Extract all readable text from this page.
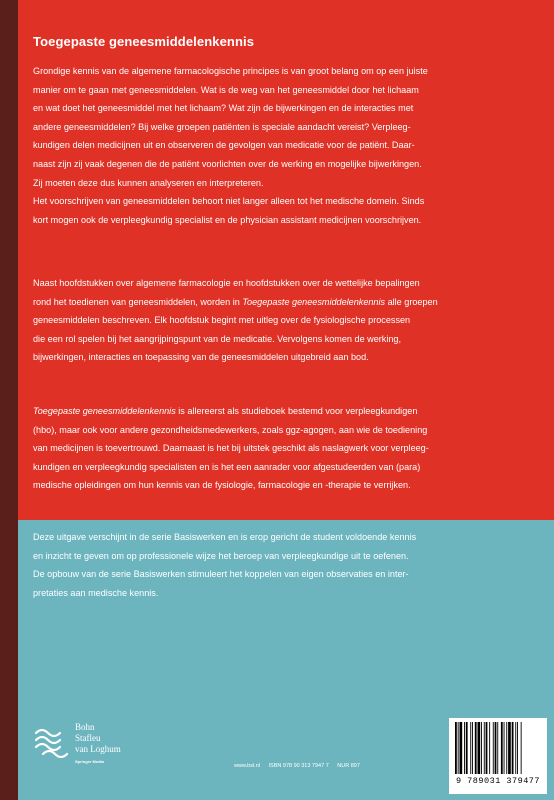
Toegepaste geneesmiddelenkennis

Grondige kennis van de algemene farmacologische principes is van groot belang om op een juiste

manier om te gaan met geneesmiddelen. Wat is de weg van het geneesmiddel door het lichaam

en wat doet het geneesmiddel met het lichaam? Wat zijn de bijwerkingen en de interacties met

andere geneesmiddelen? Bij welke groepen patiënten is speciale aandacht vereist? Verpleeg-

kundigen delen medicijnen uit en observeren de gevolgen van medicatie voor de patiënt. Daar-

naast zijn zij vaak degenen die de patiënt voorlichten over de werking en mogelijke bijwerkingen.

Zij moeten deze dus kunnen analyseren en interpreteren.

Het voorschrijven van geneesmiddelen behoort niet langer alleen tot het medische domein. Sinds

kort mogen ook de verpleegkundig specialist en de physician assistant medicijnen voorschrijven.

Naast hoofdstukken over algemene farmacologie en hoofdstukken over de wettelijke bepalingen

rond het toedienen van geneesmiddelen, worden in Toegepaste geneesmiddelenkennis alle groepen

geneesmiddelen beschreven. Elk hoofdstuk begint met uitleg over de fysiologische processen

die een rol spelen bij het aangrijpingspunt van de medicatie. Vervolgens komen de werking,

bijwerkingen, interacties en toepassing van de geneesmiddelen uitgebreid aan bod.

Toegepaste geneesmiddelenkennis is allereerst als studieboek bestemd voor verpleegkundigen

(hbo), maar ook voor andere gezondheidsmedewerkers, zoals ggz-agogen, aan wie de toediening

van medicijnen is toevertrouwd. Daarnaast is het bij uitstek geschikt als naslagwerk voor verpleeg-

kundigen en verpleegkundig specialisten en is het een aanrader voor afgestudeerden van (para)

medische opleidingen om hun kennis van de fysiologie, farmacologie en -therapie te verrijken.

Deze uitgave verschijnt in de serie Basiswerken en is erop gericht de student voldoende kennis

en inzicht te geven om op professionele wijze het beroep van verpleegkundige uit te oefenen.

De opbouw van de serie Basiswerken stimuleert het koppelen van eigen observaties en inter-

pretaties aan medische kennis.

Bohn
Stafleu
van Loghum
Springer Media
www.bsl.nl ISBN 978 90 313 7947 7 NUR 897
9 789031 379477
